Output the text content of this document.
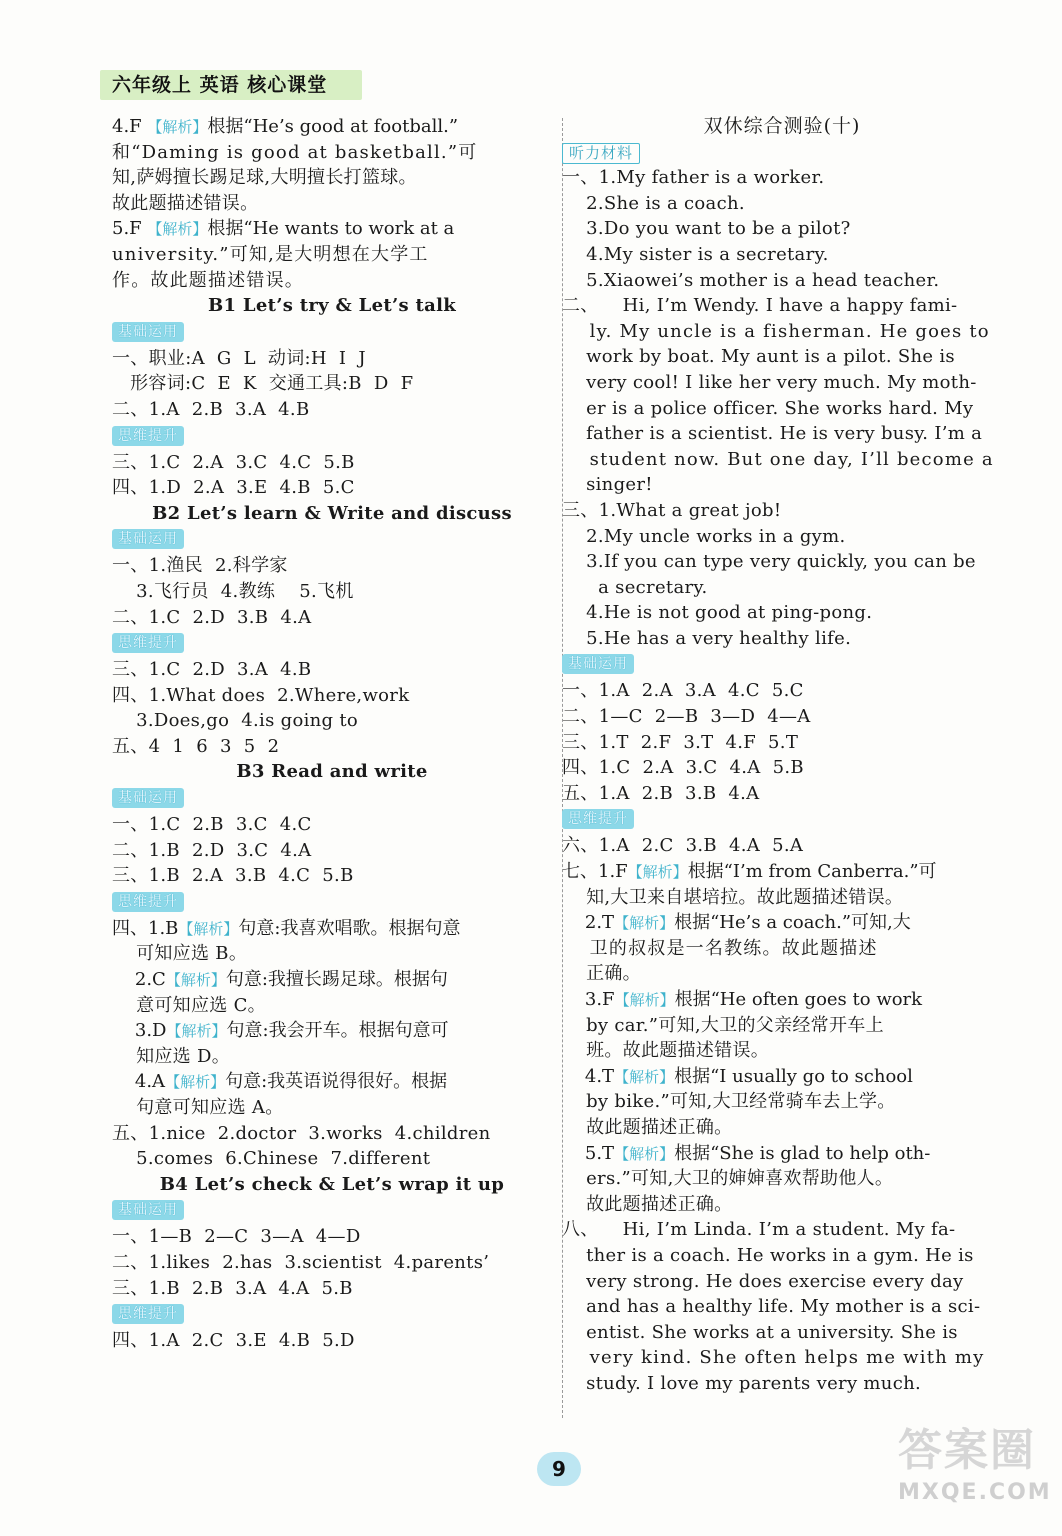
六年级上 英语 核心课堂
4.F 【解析】根据“He’s good at football.”
和“Daming is good at basketball.”可
知,萨姆擅长踢足球,大明擅长打篮球。
故此题描述错误。
5.F 【解析】根据“He wants to work at a
university.”可知,是大明想在大学工
作。故此题描述错误。
B1 Let’s try & Let’s talk
基础运用
一、职业:A  G  L  动词:H  I  J
形容词:C  E  K  交通工具:B  D  F
二、1.A  2.B  3.A  4.B
思维提升
三、1.C  2.A  3.C  4.C  5.B
四、1.D  2.A  3.E  4.B  5.C
B2 Let’s learn & Write and discuss
基础运用
一、1.渔民  2.科学家
3.飞行员  4.教练    5.飞机
二、1.C  2.D  3.B  4.A
思维提升
三、1.C  2.D  3.A  4.B
四、1.What does  2.Where,work
3.Does,go  4.is going to
五、4  1  6  3  5  2
B3 Read and write
基础运用
一、1.C  2.B  3.C  4.C
二、1.B  2.D  3.C  4.A
三、1.B  2.A  3.B  4.C  5.B
思维提升
四、1.B【解析】句意:我喜欢唱歌。根据句意
可知应选 B。
2.C【解析】句意:我擅长踢足球。根据句
意可知应选 C。
3.D【解析】句意:我会开车。根据句意可
知应选 D。
4.A【解析】句意:我英语说得很好。根据
句意可知应选 A。
五、1.nice  2.doctor  3.works  4.children
5.comes  6.Chinese  7.different
B4 Let’s check & Let’s wrap it up
基础运用
一、1—B  2—C  3—A  4—D
二、1.likes  2.has  3.scientist  4.parents’
三、1.B  2.B  3.A  4.A  5.B
思维提升
四、1.A  2.C  3.E  4.B  5.D
双休综合测验(十)
听力材料
一、1.My father is a worker.
2.She is a coach.
3.Do you want to be a pilot?
4.My sister is a secretary.
5.Xiaowei’s mother is a head teacher.
二、    Hi, I’m Wendy. I have a happy fami-
ly. My uncle is a fisherman. He goes to
work by boat. My aunt is a pilot. She is
very cool! I like her very much. My moth-
er is a police officer. She works hard. My
father is a scientist. He is very busy. I’m a
student now. But one day, I’ll become a
singer!
三、1.What a great job!
2.My uncle works in a gym.
3.If you can type very quickly, you can be
a secretary.
4.He is not good at ping-pong.
5.He has a very healthy life.
基础运用
一、1.A  2.A  3.A  4.C  5.C
二、1—C  2—B  3—D  4—A
三、1.T  2.F  3.T  4.F  5.T
四、1.C  2.A  3.C  4.A  5.B
五、1.A  2.B  3.B  4.A
思维提升
六、1.A  2.C  3.B  4.A  5.A
七、1.F【解析】根据“I’m from Canberra.”可
知,大卫来自堪培拉。故此题描述错误。
2.T【解析】根据“He’s a coach.”可知,大
卫的叔叔是一名教练。故此题描述
正确。
3.F【解析】根据“He often goes to work
by car.”可知,大卫的父亲经常开车上
班。故此题描述错误。
4.T【解析】根据“I usually go to school
by bike.”可知,大卫经常骑车去上学。
故此题描述正确。
5.T【解析】根据“She is glad to help oth-
ers.”可知,大卫的婶婶喜欢帮助他人。
故此题描述正确。
八、    Hi, I’m Linda. I’m a student. My fa-
ther is a coach. He works in a gym. He is
very strong. He does exercise every day
and has a healthy life. My mother is a sci-
entist. She works at a university. She is
very kind. She often helps me with my
study. I love my parents very much.
9	答案圈
MXQE.COM
